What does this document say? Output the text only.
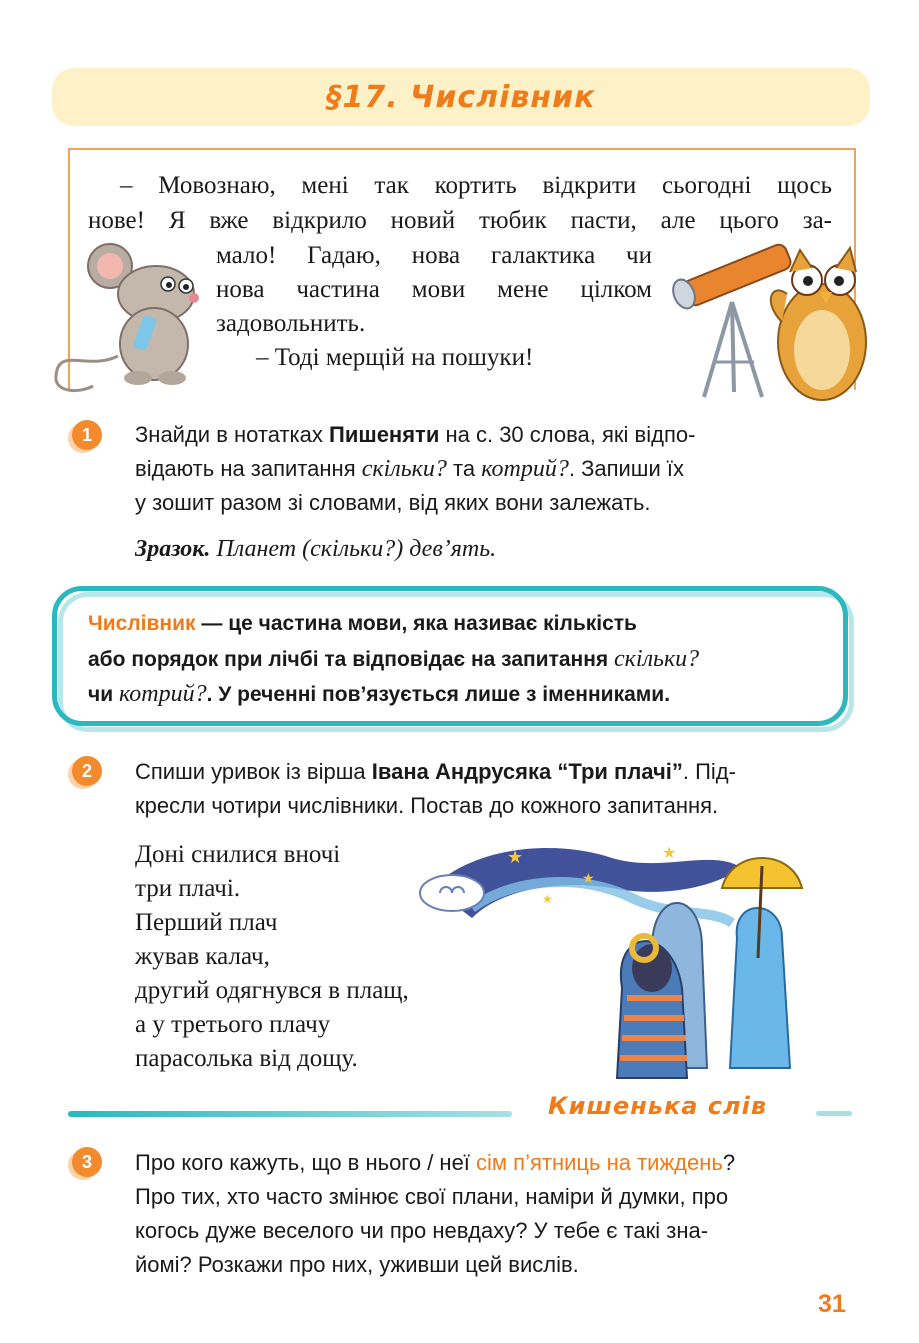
§17. Числівник
– Мовознаю, мені так кортить відкрити сьогодні щось
нове! Я вже відкрило новий тюбик пасти, але цього за-
мало! Гадаю, нова галактика чи
нова частина мови мене цілком
задовольнить.
– Тоді мерщій на пошуки!
1 Знайди в нотатках Пишеняти на с. 30 слова, які відпо-
відають на запитання скільки? та котрий?. Запиши їх
у зошит разом зі словами, від яких вони залежать.
Зразок. Планет (скільки?) дев’ять.
Числівник — це частина мови, яка називає кількість
або порядок при лічбі та відповідає на запитання скільки?
чи котрий?. У реченні пов’язується лише з іменниками.
2 Спиши уривок із вірша Івана Андрусяка “Три плачі”. Під-
кресли чотири числівники. Постав до кожного запитання.
Доні снилися вночі
три плачі.
Перший плач
жував калач,
другий одягнувся в плащ,
а у третього плачу
парасолька від дощу.
★
★
★
★
Кишенька слів
3 Про кого кажуть, що в нього / неї сім п’ятниць на тиждень?
Про тих, хто часто змінює свої плани, наміри й думки, про
когось дуже веселого чи про невдаху? У тебе є такі зна-
йомі? Розкажи про них, уживши цей вислів.
31
